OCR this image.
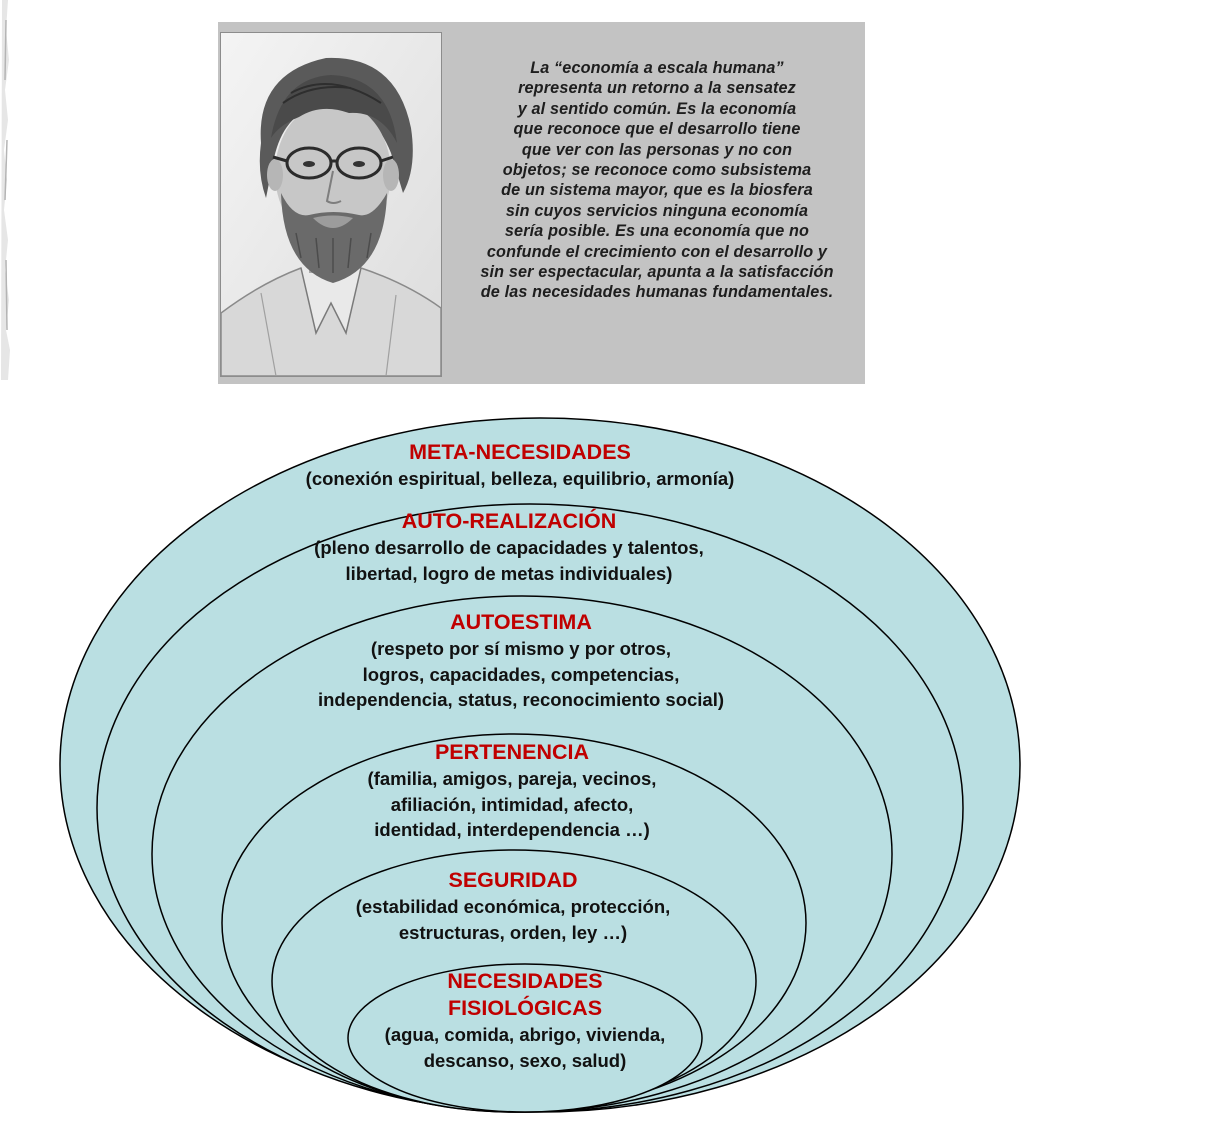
La “economía a escala humana”
representa un retorno a la sensatez
y al sentido común. Es la economía
que reconoce que el desarrollo tiene
que ver con las personas y no con
objetos; se reconoce como subsistema
de un sistema mayor, que es la biosfera
sin cuyos servicios ninguna economía
sería posible. Es una economía que no
confunde el crecimiento con el desarrollo y
sin ser espectacular, apunta a la satisfacción
de las necesidades humanas fundamentales.
META-NECESIDADES
(conexión espiritual, belleza, equilibrio, armonía)
AUTO-REALIZACIÓN
(pleno desarrollo de capacidades y talentos,
libertad, logro de metas individuales)
AUTOESTIMA
(respeto por sí mismo y por otros,
logros, capacidades, competencias,
independencia, status, reconocimiento social)
PERTENENCIA
(familia, amigos, pareja, vecinos,
afiliación, intimidad, afecto,
identidad, interdependencia …)
SEGURIDAD
(estabilidad económica, protección,
estructuras, orden, ley …)
NECESIDADES
FISIOLÓGICAS
(agua, comida, abrigo, vivienda,
descanso, sexo, salud)
